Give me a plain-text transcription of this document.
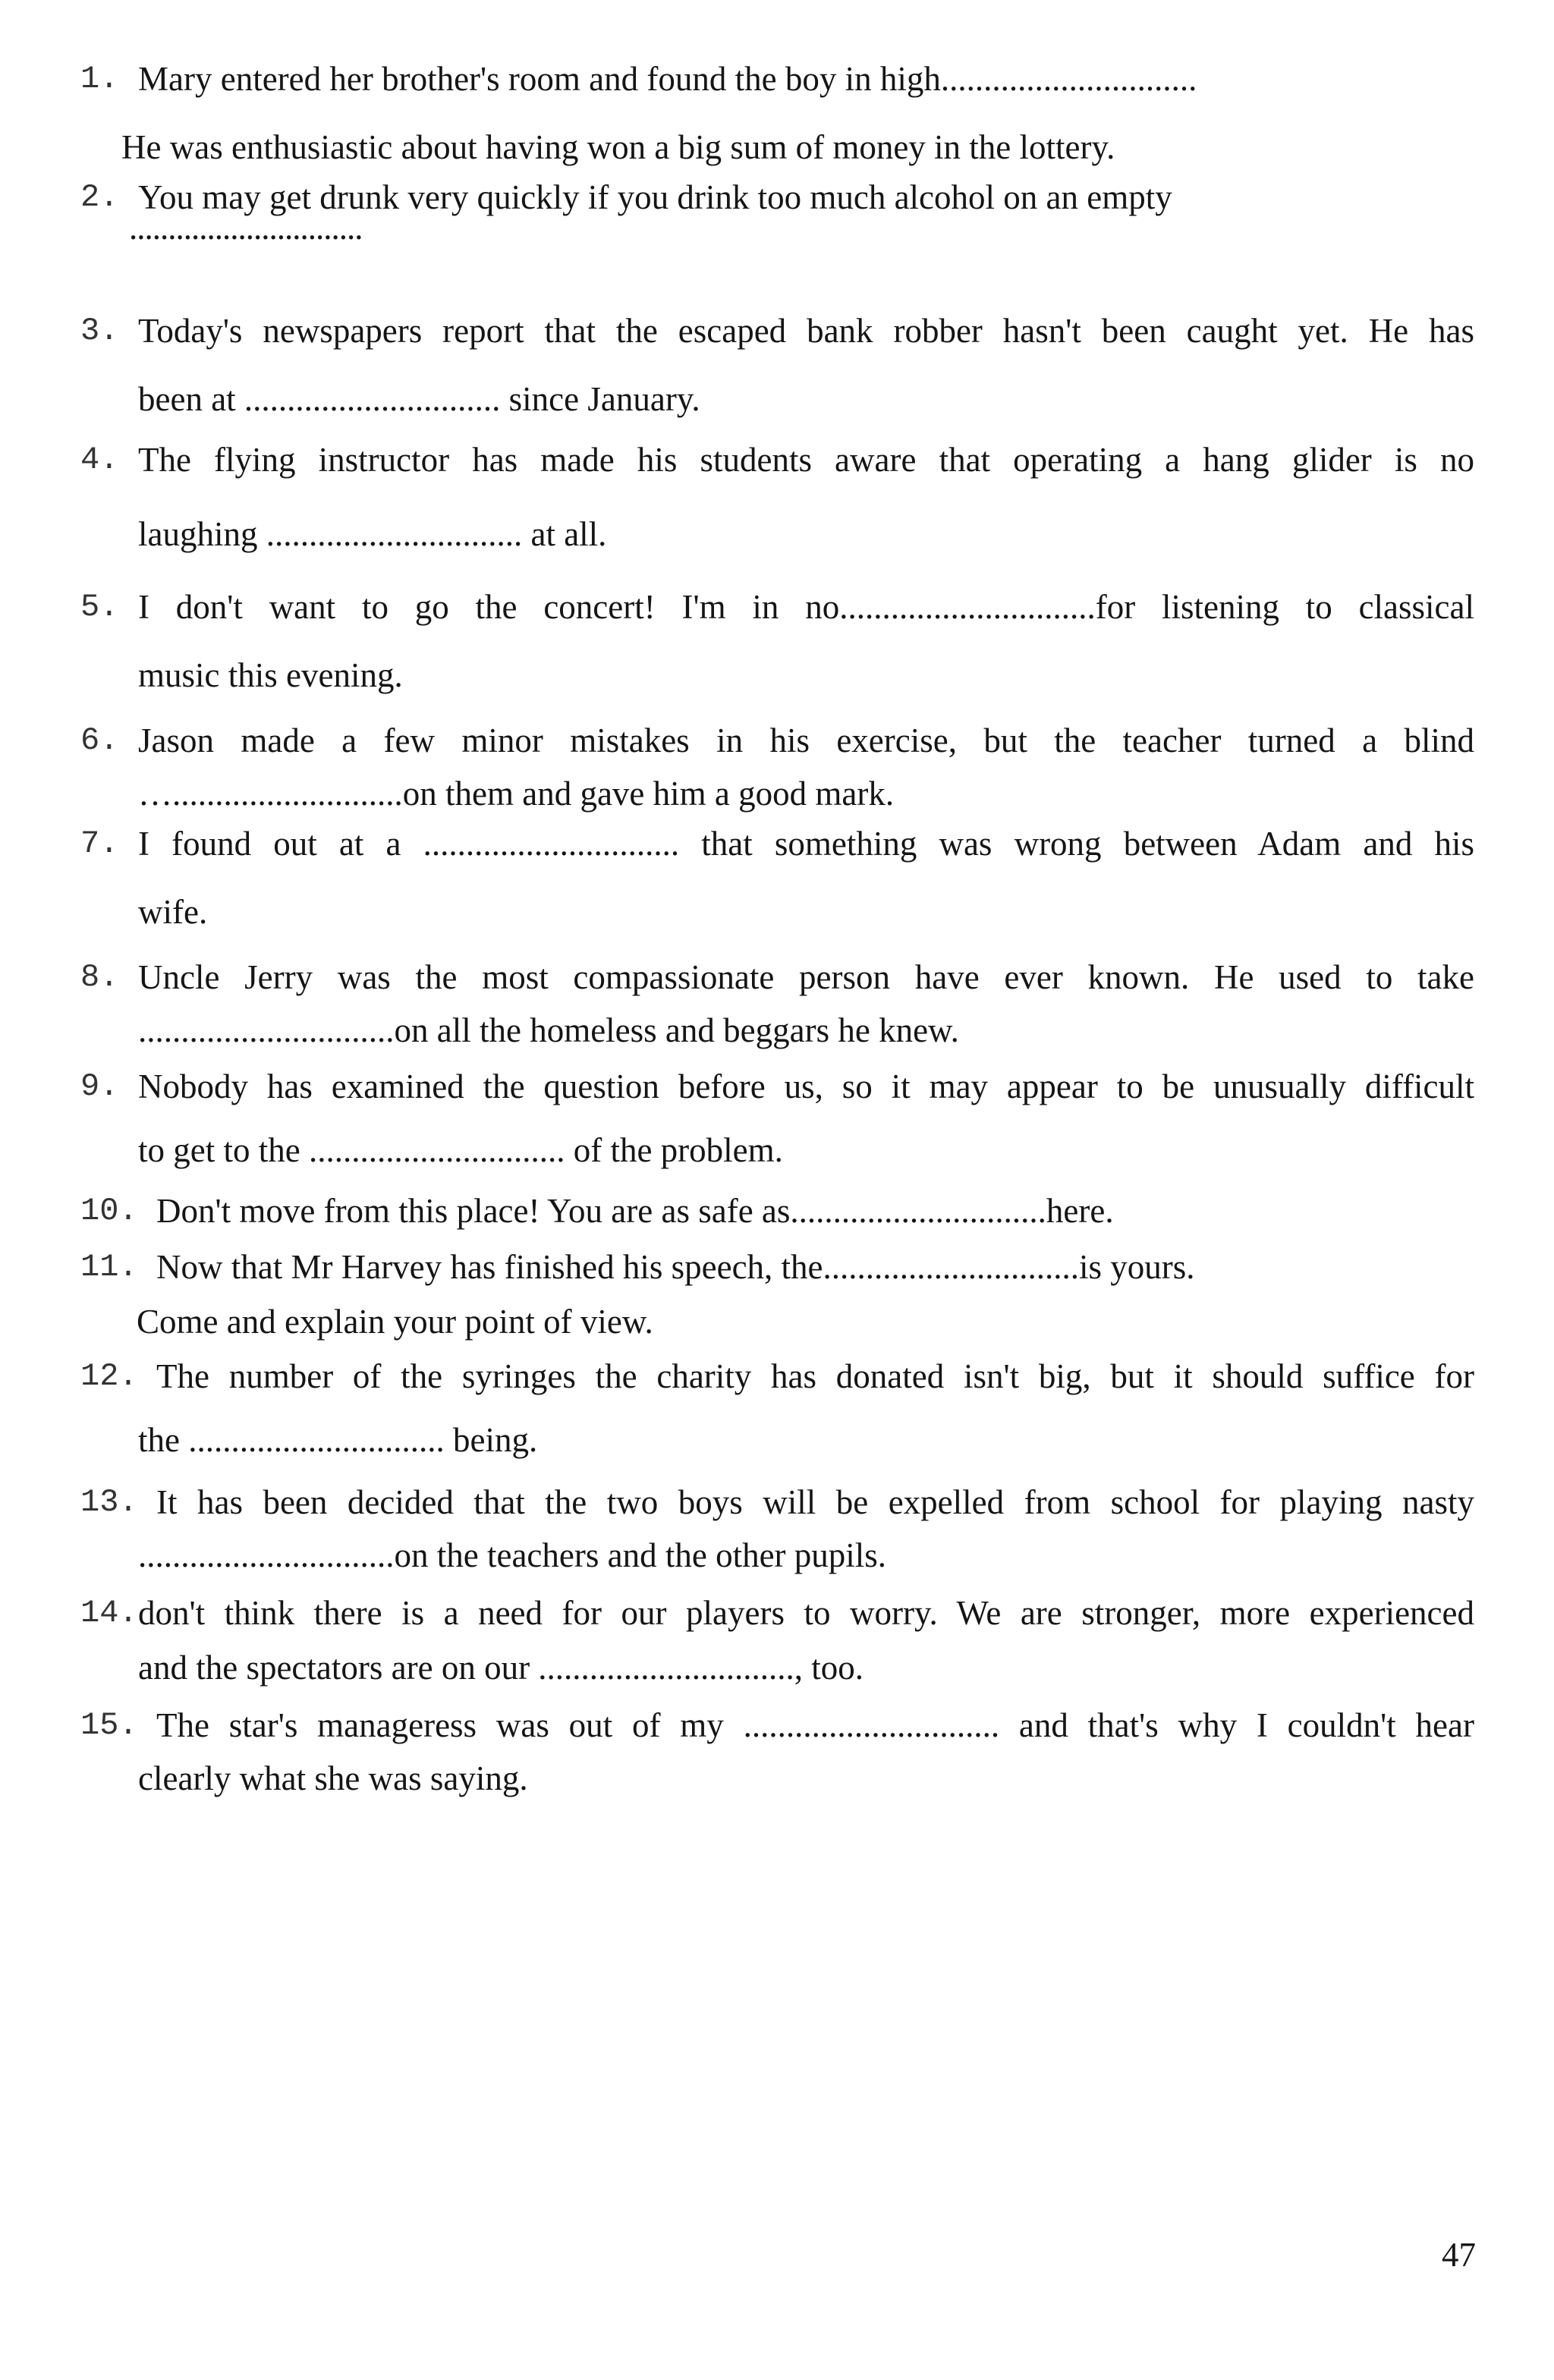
1. Mary entered her brother's room and found the boy in high..............................
He was enthusiastic about having won a big sum of money in the lottery.
2. You may get drunk very quickly if you drink too much alcohol on an empty
..............................
3. Today's newspapers report that the escaped bank robber hasn't been caught yet. He has
been at .............................. since January.
4. The flying instructor has made his students aware that operating a hang glider is no
laughing .............................. at all.
5. I don't want to go the concert! I'm in no..............................for listening to classical
music this evening.
6. Jason made a few minor mistakes in his exercise, but the teacher turned a blind
…...........................on them and gave him a good mark.
7. I found out at a .............................. that something was wrong between Adam and his
wife.
8. Uncle Jerry was the most compassionate person have ever known. He used to take
..............................on all the homeless and beggars he knew.
9. Nobody has examined the question before us, so it may appear to be unusually difficult
to get to the .............................. of the problem.
10. Don't move from this place! You are as safe as..............................here.
11. Now that Mr Harvey has finished his speech, the..............................is yours.
Come and explain your point of view.
12. The number of the syringes the charity has donated isn't big, but it should suffice for
the .............................. being.
13. It has been decided that the two boys will be expelled from school for playing nasty
..............................on the teachers and the other pupils.
14. don't think there is a need for our players to worry. We are stronger, more experienced
and the spectators are on our .............................., too.
15. The star's manageress was out of my .............................. and that's why I couldn't hear
clearly what she was saying.
47
